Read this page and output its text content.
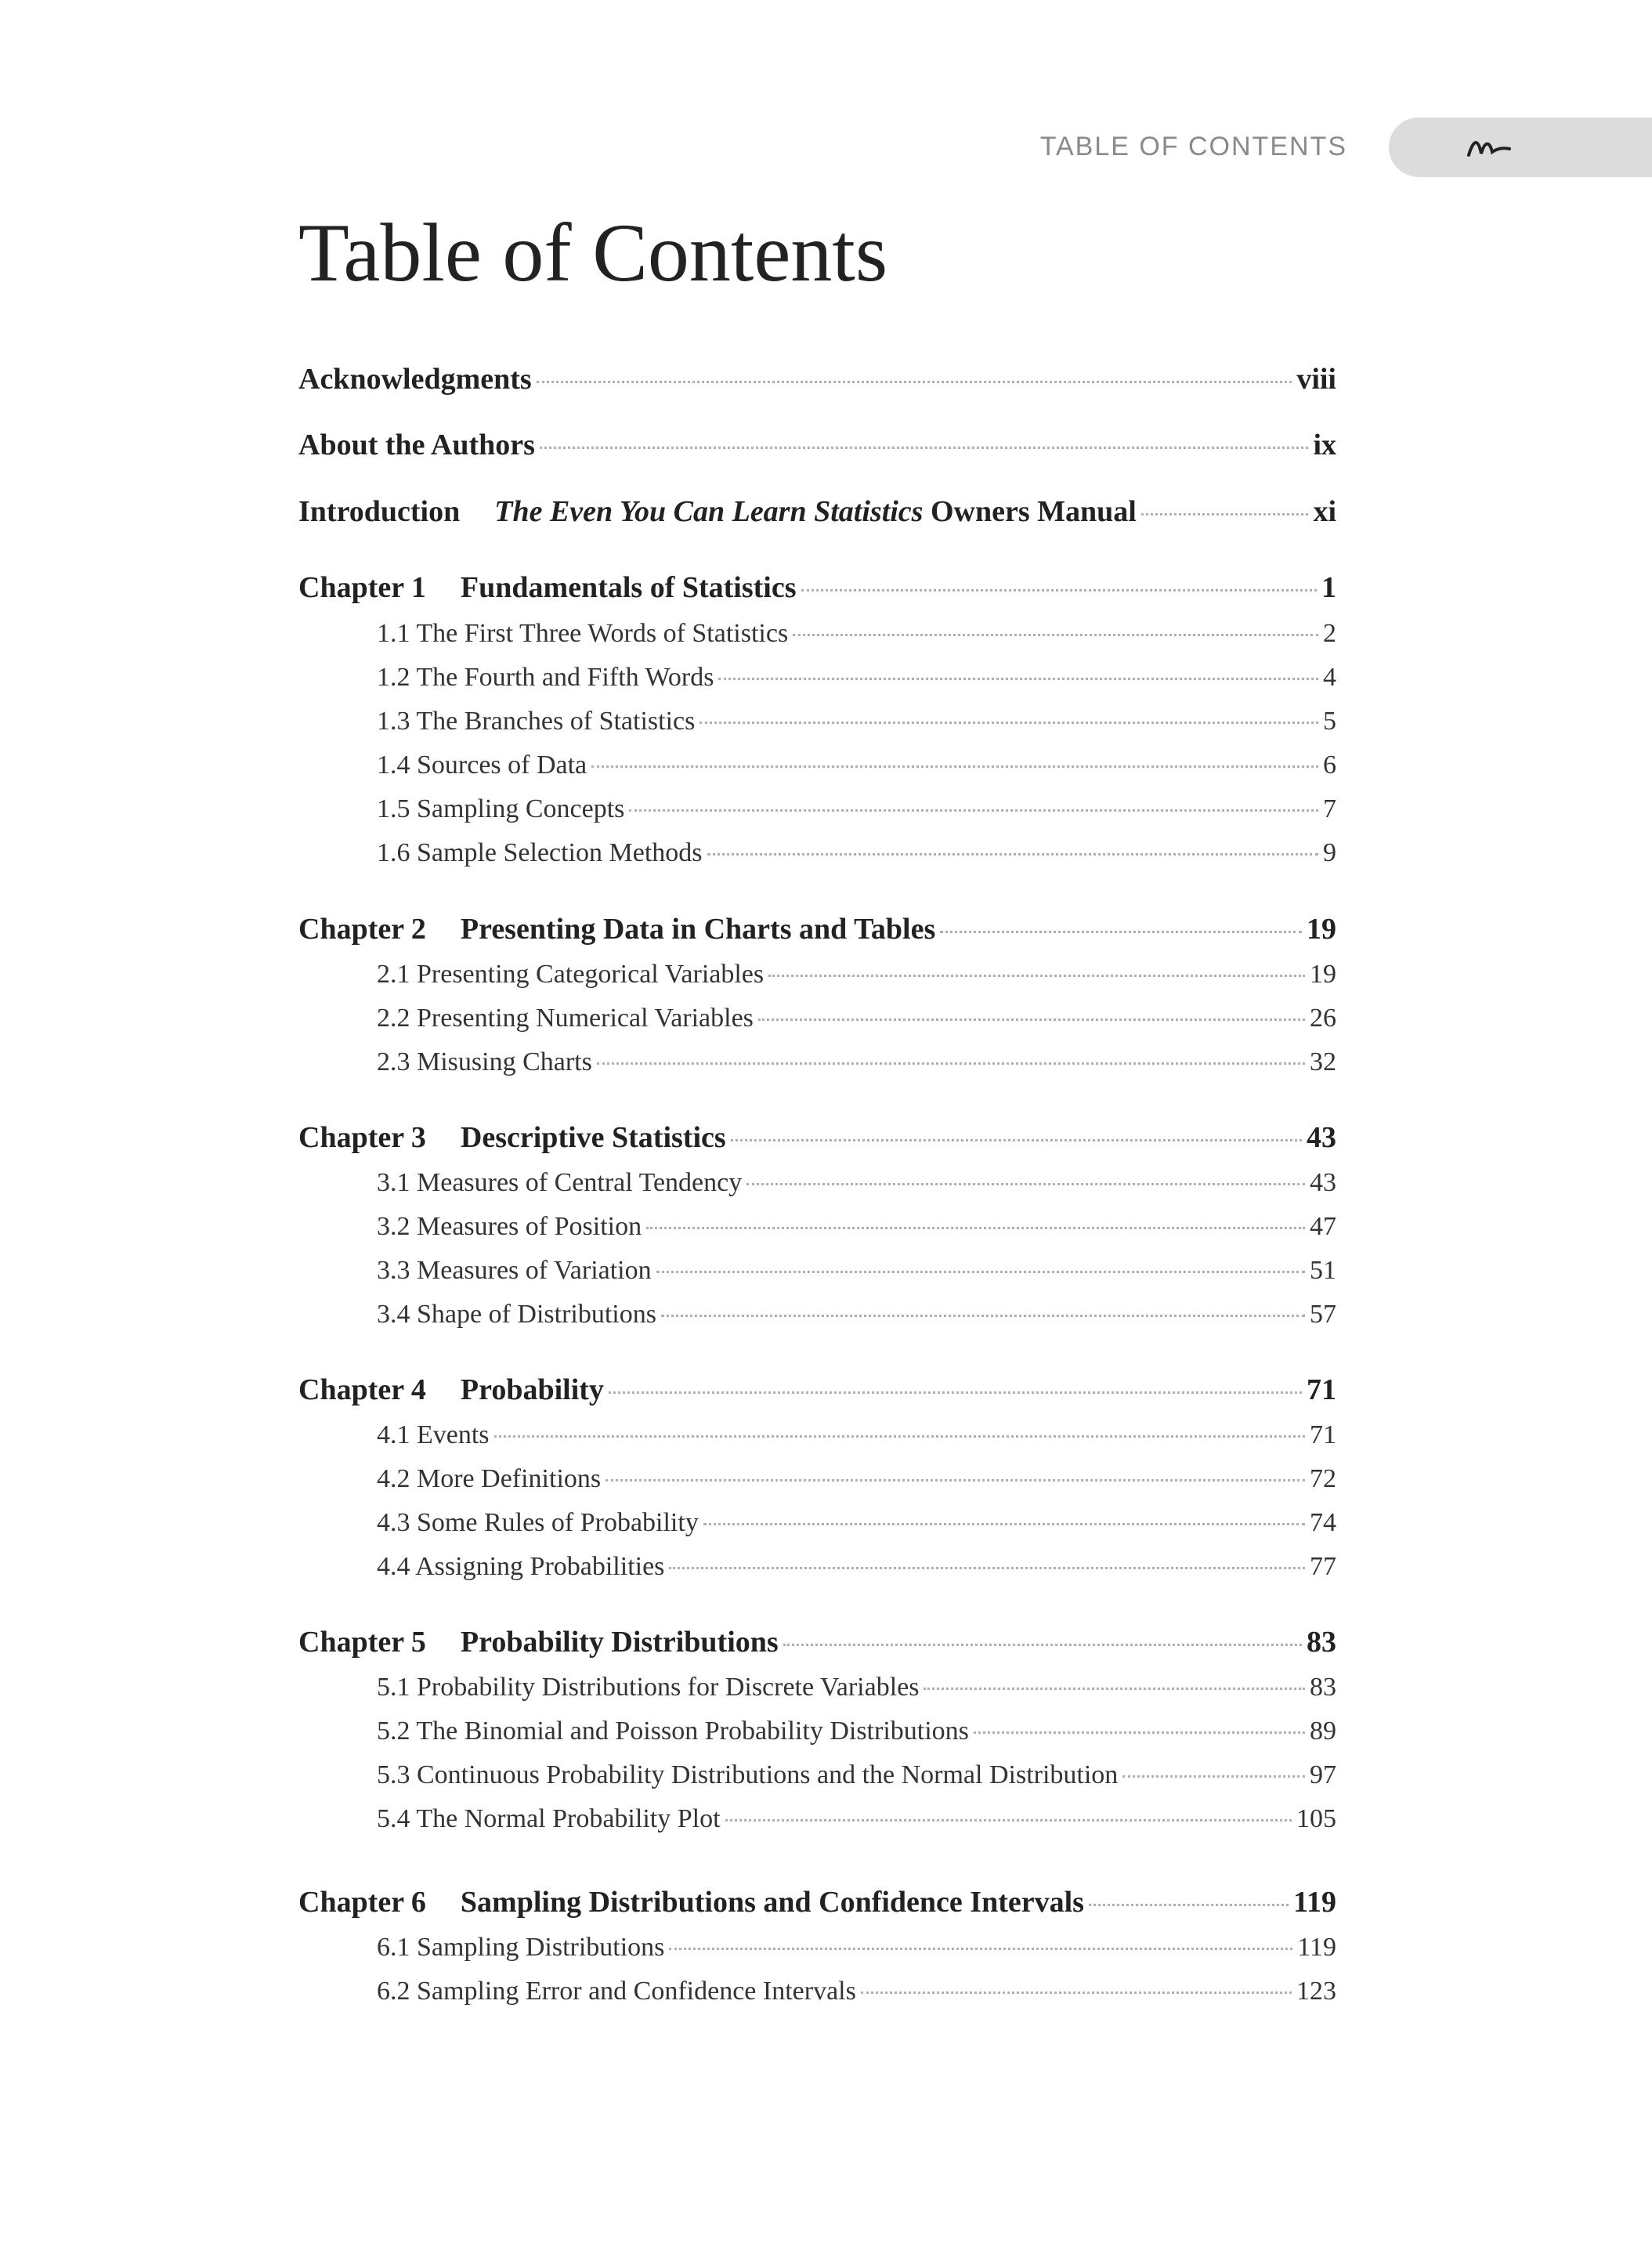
TABLE OF CONTENTS
Table of Contents
Acknowledgments	viii
About the Authors	ix
Introduction The Even You Can Learn Statistics Owners Manual	xi
Chapter 1 Fundamentals of Statistics	1
1.1 The First Three Words of Statistics	2
1.2 The Fourth and Fifth Words	4
1.3 The Branches of Statistics	5
1.4 Sources of Data	6
1.5 Sampling Concepts	7
1.6 Sample Selection Methods	9
Chapter 2 Presenting Data in Charts and Tables	19
2.1 Presenting Categorical Variables	19
2.2 Presenting Numerical Variables	26
2.3 Misusing Charts	32
Chapter 3 Descriptive Statistics	43
3.1 Measures of Central Tendency	43
3.2 Measures of Position	47
3.3 Measures of Variation	51
3.4 Shape of Distributions	57
Chapter 4 Probability	71
4.1 Events	71
4.2 More Definitions	72
4.3 Some Rules of Probability	74
4.4 Assigning Probabilities	77
Chapter 5 Probability Distributions	83
5.1 Probability Distributions for Discrete Variables	83
5.2 The Binomial and Poisson Probability Distributions	89
5.3 Continuous Probability Distributions and the Normal Distribution	97
5.4 The Normal Probability Plot	105
Chapter 6 Sampling Distributions and Confidence Intervals	119
6.1 Sampling Distributions	119
6.2 Sampling Error and Confidence Intervals	123
